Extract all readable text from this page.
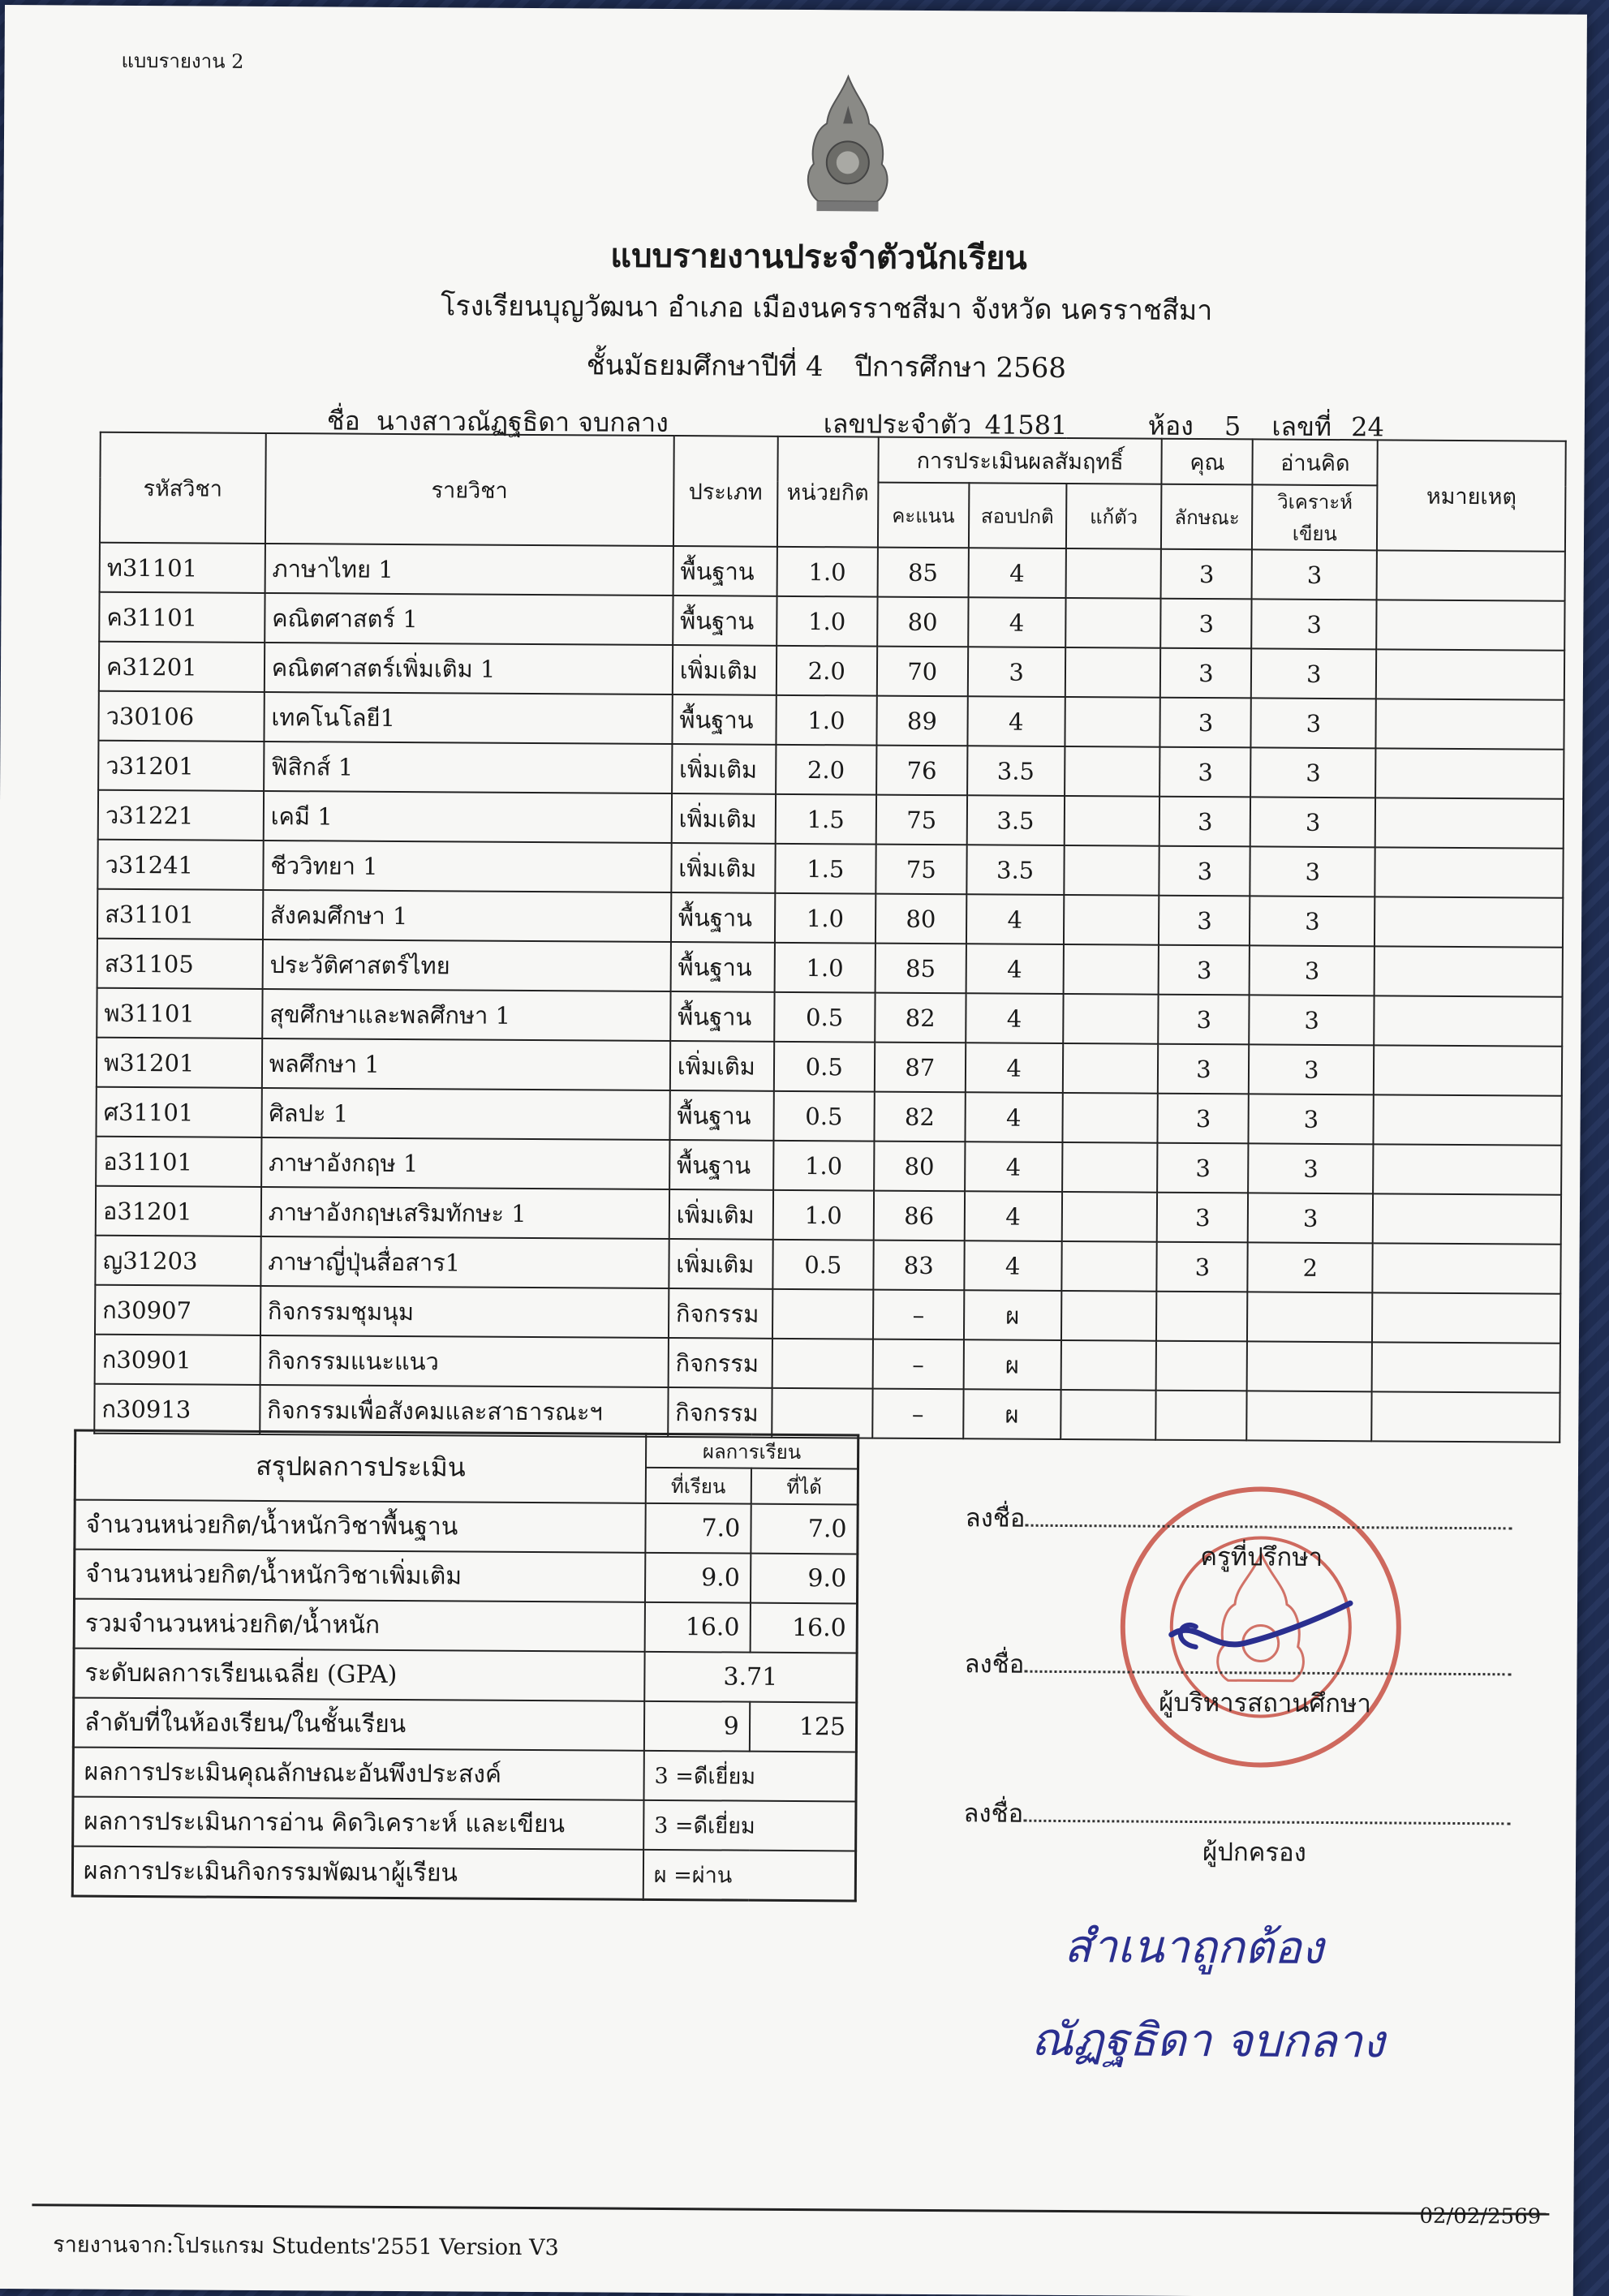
แบบรายงาน 2
แบบรายงานประจำตัวนักเรียน
โรงเรียนบุญวัฒนา อำเภอ เมืองนครราชสีมา จังหวัด นครราชสีมา
ชั้นมัธยมศึกษาปีที่ 4 ปีการศึกษา 2568
ชื่อ นางสาวณัฏฐธิดา จบกลาง	เลขประจำตัว 41581	ห้อง 5 เลขที่ 24
รหัสวิชา	รายวิชา	ประเภท	หน่วยกิต	การประเมินผลสัมฤทธิ์			คุณ	อ่านคิด	หมายเหตุ
				คะแนน	สอบปกติ	แก้ตัว	ลักษณะ	วิเคราะห์เขียน	
ท31101	ภาษาไทย 1	พื้นฐาน	1.0	85	4		3	3	
ค31101	คณิตศาสตร์ 1	พื้นฐาน	1.0	80	4		3	3	
ค31201	คณิตศาสตร์เพิ่มเติม 1	เพิ่มเติม	2.0	70	3		3	3	
ว30106	เทคโนโลยี1	พื้นฐาน	1.0	89	4		3	3	
ว31201	ฟิสิกส์ 1	เพิ่มเติม	2.0	76	3.5		3	3	
ว31221	เคมี 1	เพิ่มเติม	1.5	75	3.5		3	3	
ว31241	ชีววิทยา 1	เพิ่มเติม	1.5	75	3.5		3	3	
ส31101	สังคมศึกษา 1	พื้นฐาน	1.0	80	4		3	3	
ส31105	ประวัติศาสตร์ไทย	พื้นฐาน	1.0	85	4		3	3	
พ31101	สุขศึกษาและพลศึกษา 1	พื้นฐาน	0.5	82	4		3	3	
พ31201	พลศึกษา 1	เพิ่มเติม	0.5	87	4		3	3	
ศ31101	ศิลปะ 1	พื้นฐาน	0.5	82	4		3	3	
อ31101	ภาษาอังกฤษ 1	พื้นฐาน	1.0	80	4		3	3	
อ31201	ภาษาอังกฤษเสริมทักษะ 1	เพิ่มเติม	1.0	86	4		3	3	
ญ31203	ภาษาญี่ปุ่นสื่อสาร1	เพิ่มเติม	0.5	83	4		3	2	
ก30907	กิจกรรมชุมนุม	กิจกรรม		–	ผ				
ก30901	กิจกรรมแนะแนว	กิจกรรม		–	ผ				
ก30913	กิจกรรมเพื่อสังคมและสาธารณะฯ	กิจกรรม		–	ผ				
สรุปผลการประเมิน	ผลการเรียน	
	ที่เรียน	ที่ได้
จำนวนหน่วยกิต/น้ำหนักวิชาพื้นฐาน	7.0	7.0
จำนวนหน่วยกิต/น้ำหนักวิชาเพิ่มเติม	9.0	9.0
รวมจำนวนหน่วยกิต/น้ำหนัก	16.0	16.0
ระดับผลการเรียนเฉลี่ย (GPA)	3.71	
ลำดับที่ในห้องเรียน/ในชั้นเรียน	9	125
ผลการประเมินคุณลักษณะอันพึงประสงค์	3 =ดีเยี่ยม	
ผลการประเมินการอ่าน คิดวิเคราะห์ และเขียน	3 =ดีเยี่ยม	
ผลการประเมินกิจกรรมพัฒนาผู้เรียน	ผ =ผ่าน	
ลงชื่อ
ครูที่ปรึกษา
ลงชื่อ
ผู้บริหารสถานศึกษา
ลงชื่อ
ผู้ปกครอง
สำเนาถูกต้อง
ณัฏฐธิดา จบกลาง
รายงานจาก:โปรแกรม Students'2551 Version V3
02/02/2569
